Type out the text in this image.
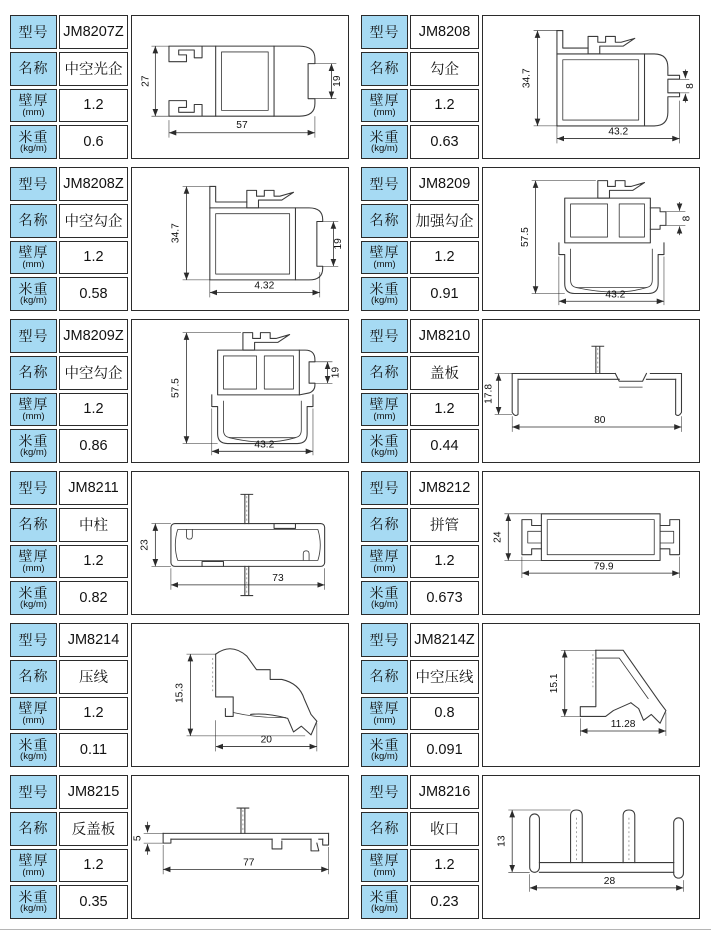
型号 JM8207Z
名称	中空光企
壁厚
(mm)	1.2
米重
(kg/m)	0.6
27	19
57
型号	JM8208
名称	勾企
壁厚
(mm)	1.2
米重
(kg/m)	0.63
34.7	8
43.2
型号 JM8208Z
名称	中空勾企
壁厚
(mm)	1.2
米重
(kg/m)	0.58
34.7
19
4.32
型号	JM8209
名称	加强勾企
壁厚
(mm)	1.2
米重
(kg/m)	0.91
57.5
8
43.2
型号 JM8209Z
名称	中空勾企
壁厚
(mm)	1.2
米重
(kg/m)	0.86
57.5
19
43.2
型号	JM8210
名称	盖板
壁厚
(mm)	1.2
米重
(kg/m)	0.44
17.8
80
型号	JM8211
名称	中柱
壁厚
(mm)	1.2
米重
(kg/m)	0.82
23
73
型号	JM8212
名称	拼管
壁厚
(mm)	1.2
米重
(kg/m)	0.673
24
79.9
型号	JM8214
名称	压线
壁厚
(mm)	1.2
米重
(kg/m)	0.11
15.3
20
型号 JM8214Z
名称	中空压线
壁厚
(mm)	0.8
米重
(kg/m)	0.091
15.1
11.28
型号	JM8215
名称	反盖板
壁厚
(mm)	1.2
米重
(kg/m)	0.35
5
77
型号	JM8216
名称	收口
壁厚
(mm)	1.2
米重
(kg/m)	0.23
13
28
